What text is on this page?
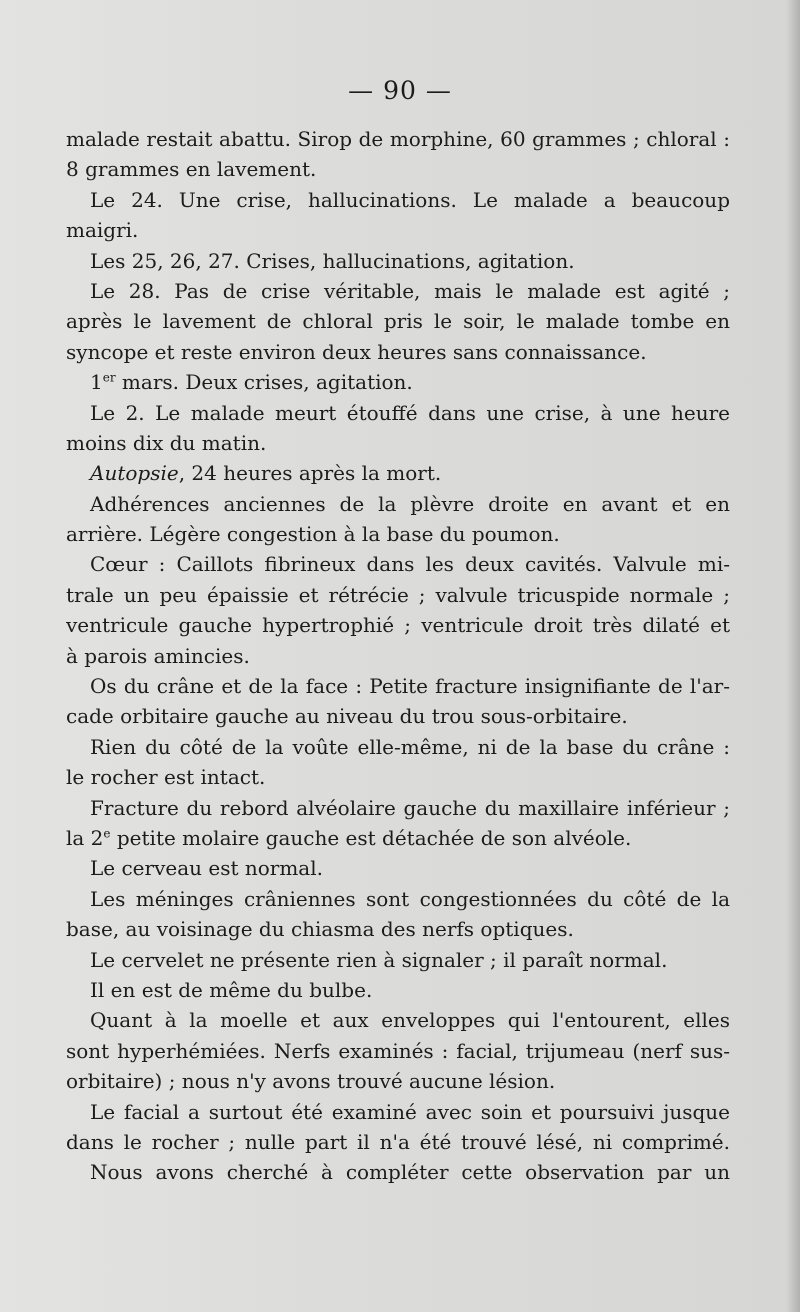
— 90 —
malade restait abattu. Sirop de morphine, 60 grammes ; chloral :
8 grammes en lavement.
Le 24. Une crise, hallucinations. Le malade a beaucoup
maigri.
Les 25, 26, 27. Crises, hallucinations, agitation.
Le 28. Pas de crise véritable, mais le malade est agité ;
après le lavement de chloral pris le soir, le malade tombe en
syncope et reste environ deux heures sans connaissance.
1er mars. Deux crises, agitation.
Le 2. Le malade meurt étouffé dans une crise, à une heure
moins dix du matin.
Autopsie, 24 heures après la mort.
Adhérences anciennes de la plèvre droite en avant et en
arrière. Légère congestion à la base du poumon.
Cœur : Caillots fibrineux dans les deux cavités. Valvule mi-
trale un peu épaissie et rétrécie ; valvule tricuspide normale ;
ventricule gauche hypertrophié ; ventricule droit très dilaté et
à parois amincies.
Os du crâne et de la face : Petite fracture insignifiante de l'ar-
cade orbitaire gauche au niveau du trou sous-orbitaire.
Rien du côté de la voûte elle-même, ni de la base du crâne :
le rocher est intact.
Fracture du rebord alvéolaire gauche du maxillaire inférieur ;
la 2e petite molaire gauche est détachée de son alvéole.
Le cerveau est normal.
Les méninges crâniennes sont congestionnées du côté de la
base, au voisinage du chiasma des nerfs optiques.
Le cervelet ne présente rien à signaler ; il paraît normal.
Il en est de même du bulbe.
Quant à la moelle et aux enveloppes qui l'entourent, elles
sont hyperhémiées. Nerfs examinés : facial, trijumeau (nerf sus-
orbitaire) ; nous n'y avons trouvé aucune lésion.
Le facial a surtout été examiné avec soin et poursuivi jusque
dans le rocher ; nulle part il n'a été trouvé lésé, ni comprimé.
Nous avons cherché à compléter cette observation par un
